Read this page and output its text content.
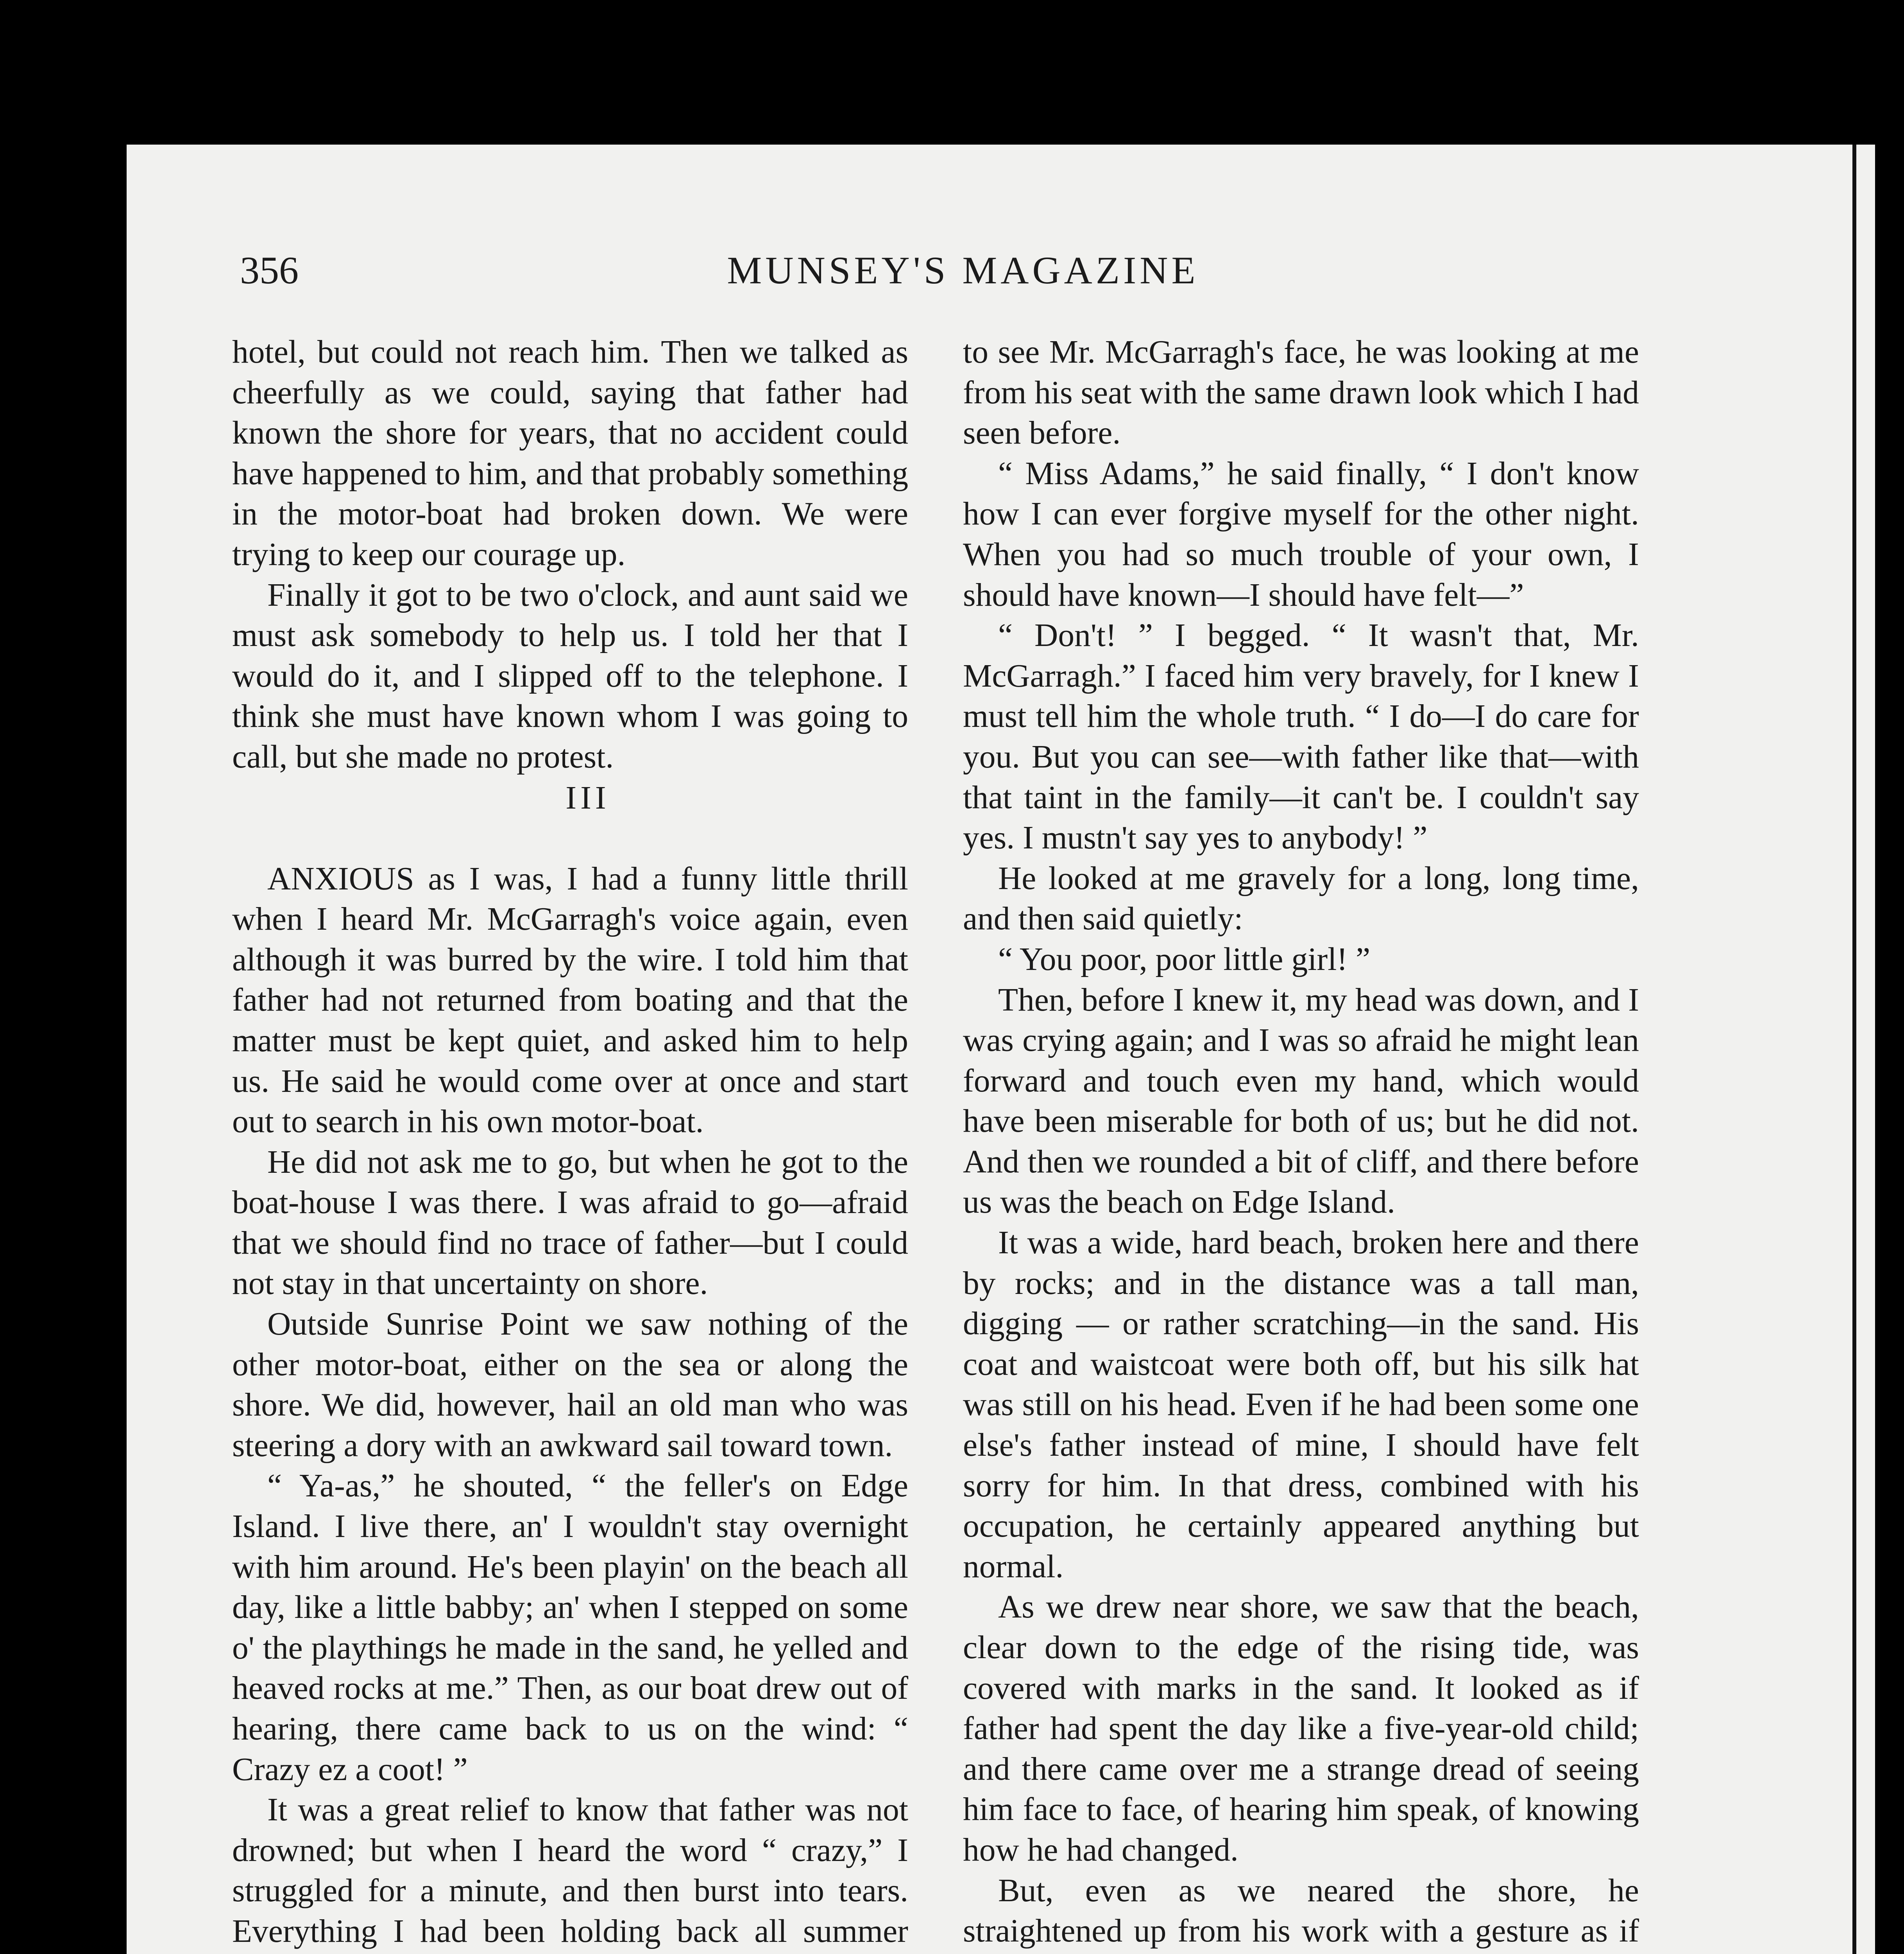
356	MUNSEY'S MAGAZINE

hotel, but could not reach him. Then we talked as cheerfully as we could, saying that father had known the shore for years, that no accident could have happened to him, and that probably something in the motor-boat had broken down. We were trying to keep our courage up.

Finally it got to be two o'clock, and aunt said we must ask somebody to help us. I told her that I would do it, and I slipped off to the telephone. I think she must have known whom I was going to call, but she made no protest.

III

ANXIOUS as I was, I had a funny little thrill when I heard Mr. McGarragh's voice again, even although it was burred by the wire. I told him that father had not returned from boating and that the matter must be kept quiet, and asked him to help us. He said he would come over at once and start out to search in his own motor-boat.

He did not ask me to go, but when he got to the boat-house I was there. I was afraid to go—afraid that we should find no trace of father—but I could not stay in that uncertainty on shore.

Outside Sunrise Point we saw nothing of the other motor-boat, either on the sea or along the shore. We did, however, hail an old man who was steering a dory with an awkward sail toward town.

“ Ya-as,” he shouted, “ the feller's on Edge Island. I live there, an' I wouldn't stay overnight with him around. He's been playin' on the beach all day, like a little babby; an' when I stepped on some o' the playthings he made in the sand, he yelled and heaved rocks at me.” Then, as our boat drew out of hearing, there came back to us on the wind: “ Crazy ez a coot! ”

It was a great relief to know that father was not drowned; but when I heard the word “ crazy,” I struggled for a minute, and then burst into tears. Everything I had been holding back all summer

to see Mr. McGarragh's face, he was looking at me from his seat with the same drawn look which I had seen before.

“ Miss Adams,” he said finally, “ I don't know how I can ever forgive myself for the other night. When you had so much trouble of your own, I should have known—I should have felt—”

“ Don't! ” I begged. “ It wasn't that, Mr. McGarragh.” I faced him very bravely, for I knew I must tell him the whole truth. “ I do—I do care for you. But you can see—with father like that—with that taint in the family—it can't be. I couldn't say yes. I mustn't say yes to anybody! ”

He looked at me gravely for a long, long time, and then said quietly:

“ You poor, poor little girl! ”

Then, before I knew it, my head was down, and I was crying again; and I was so afraid he might lean forward and touch even my hand, which would have been miserable for both of us; but he did not. And then we rounded a bit of cliff, and there before us was the beach on Edge Island.

It was a wide, hard beach, broken here and there by rocks; and in the distance was a tall man, digging — or rather scratching—in the sand. His coat and waistcoat were both off, but his silk hat was still on his head. Even if he had been some one else's father instead of mine, I should have felt sorry for him. In that dress, combined with his occupation, he certainly appeared anything but normal.

As we drew near shore, we saw that the beach, clear down to the edge of the rising tide, was covered with marks in the sand. It looked as if father had spent the day like a five-year-old child; and there came over me a strange dread of seeing him face to face, of hearing him speak, of knowing how he had changed.

But, even as we neared the shore, he straightened up from his work with a gesture as if
